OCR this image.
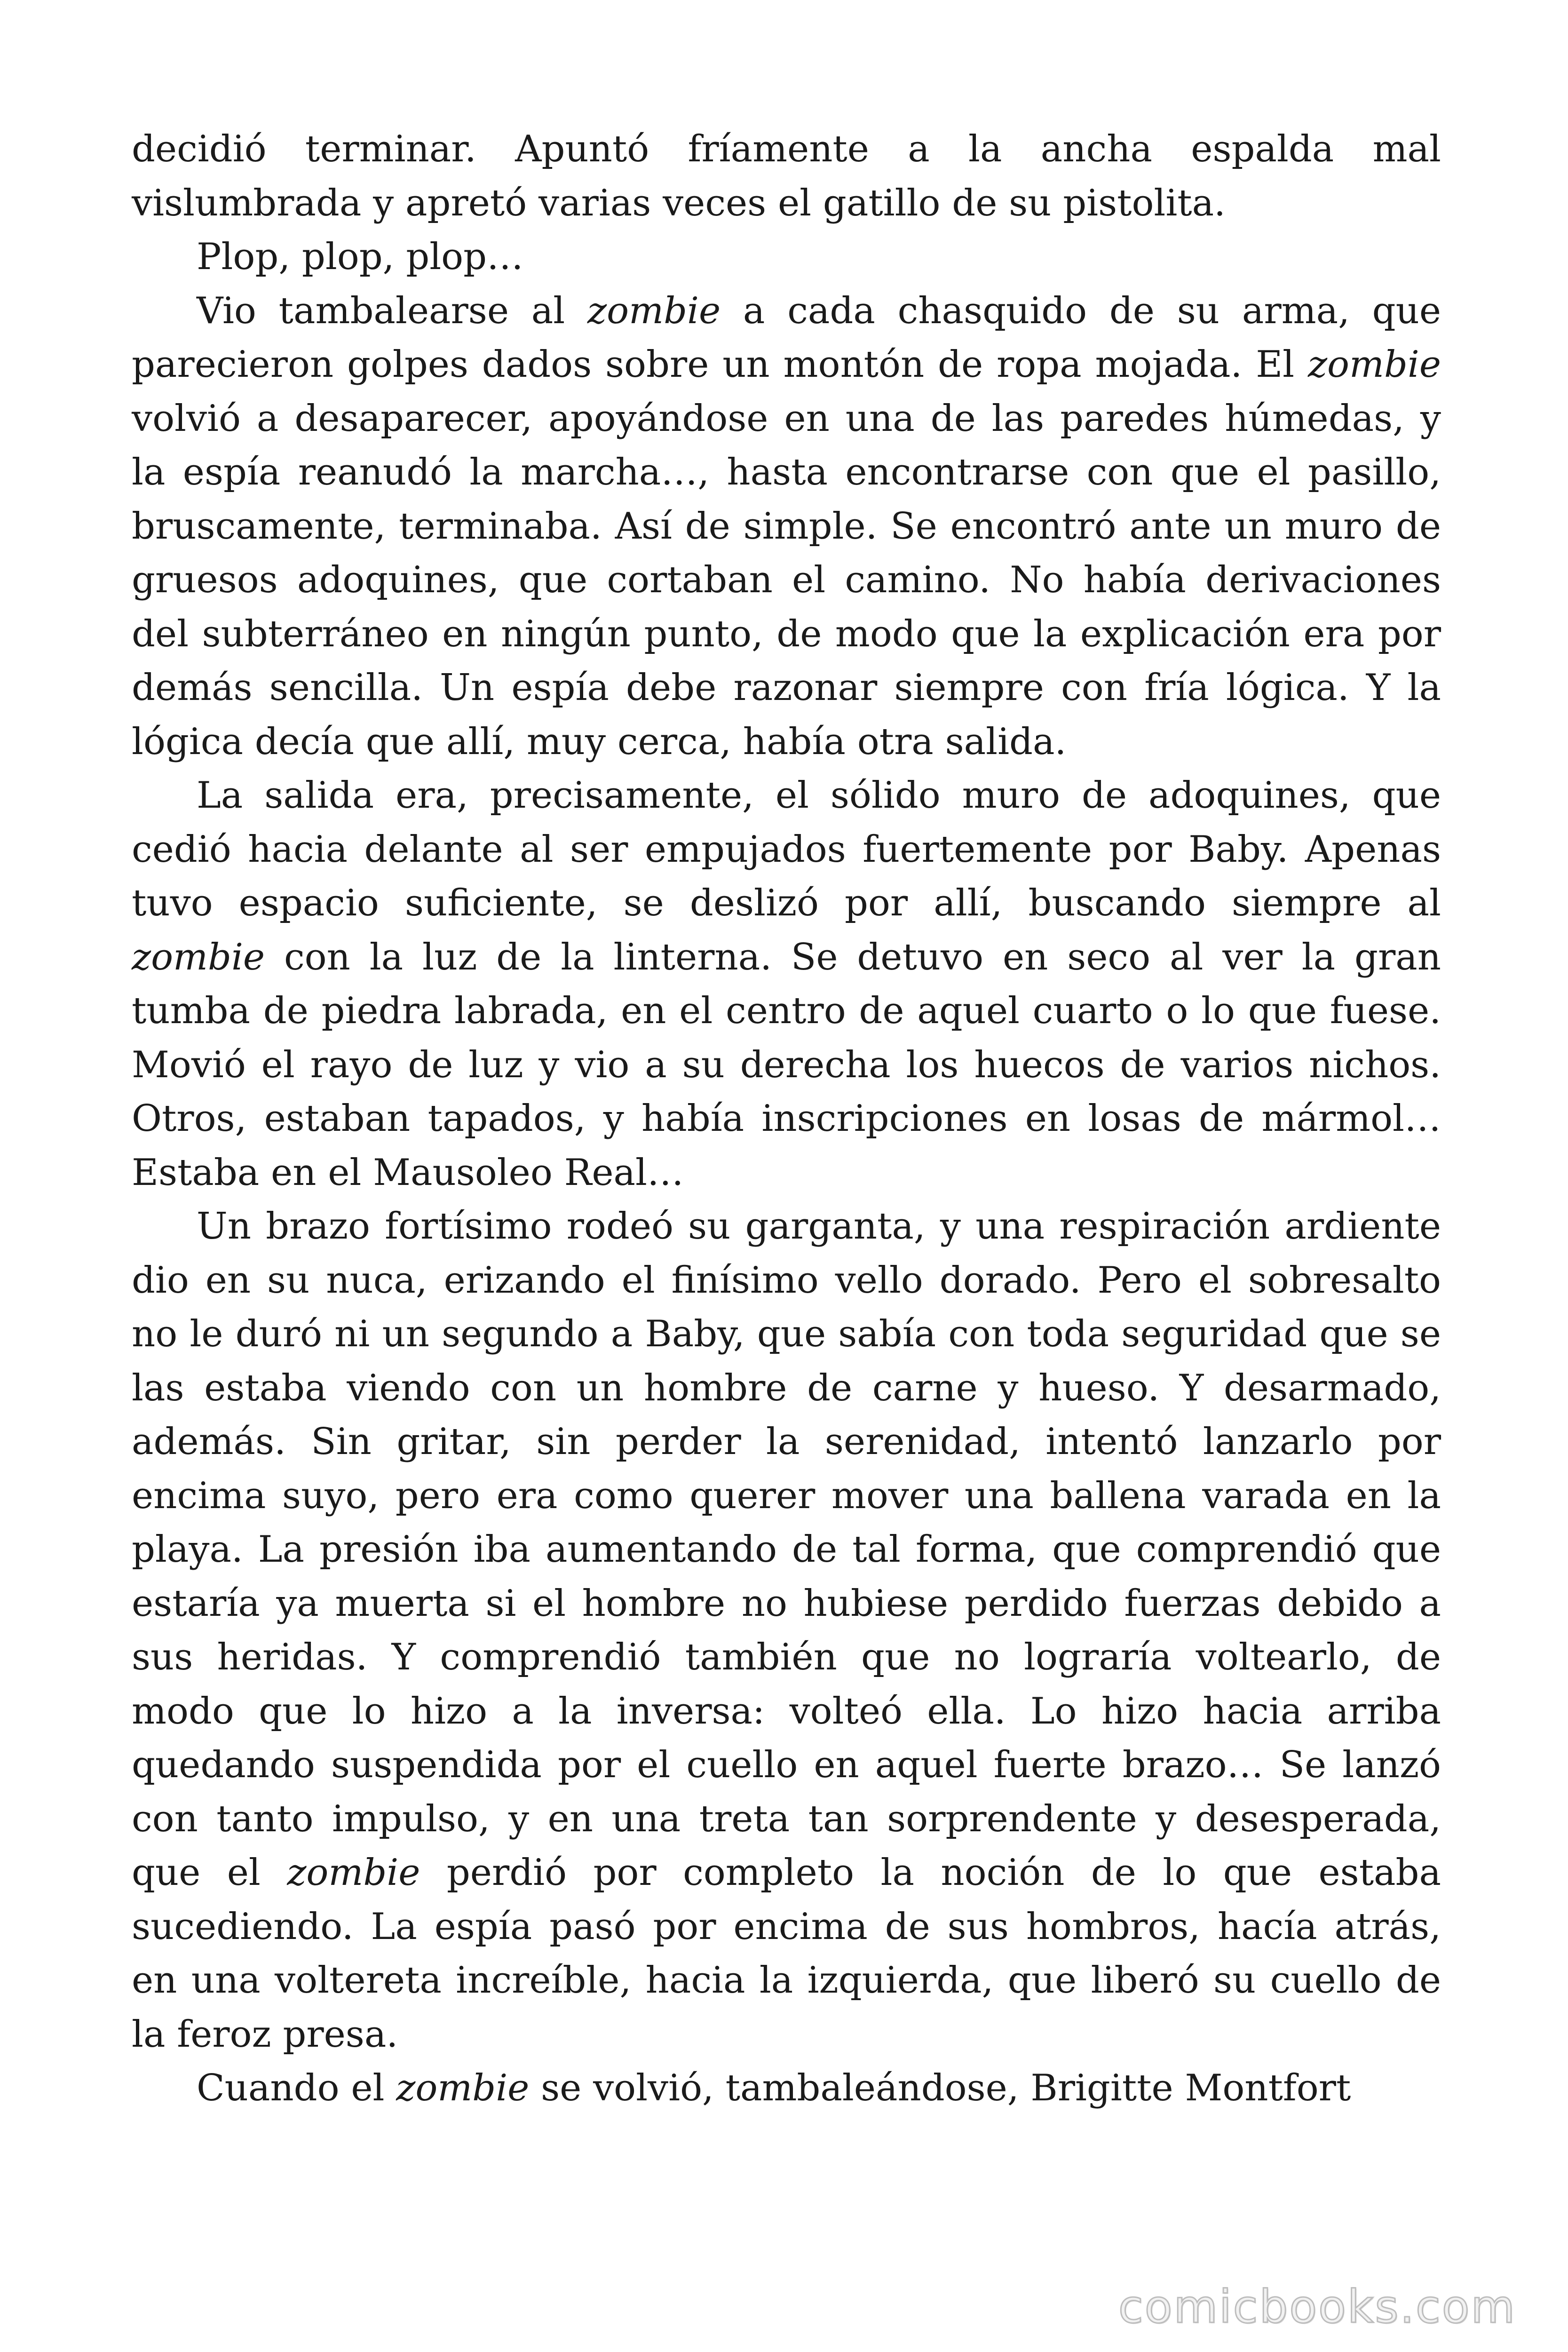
decidió terminar. Apuntó fríamente a la ancha espalda mal vislumbrada y apretó varias veces el gatillo de su pistolita.

Plop, plop, plop…

Vio tambalearse al zombie a cada chasquido de su arma, que parecieron golpes dados sobre un montón de ropa mojada. El zombie volvió a desaparecer, apoyándose en una de las paredes húmedas, y la espía reanudó la marcha…, hasta encontrarse con que el pasillo, bruscamente, terminaba. Así de simple. Se encontró ante un muro de gruesos adoquines, que cortaban el camino. No había derivaciones del subterráneo en ningún punto, de modo que la explicación era por demás sencilla. Un espía debe razonar siempre con fría lógica. Y la lógica decía que allí, muy cerca, había otra salida.

La salida era, precisamente, el sólido muro de adoquines, que cedió hacia delante al ser empujados fuertemente por Baby. Apenas tuvo espacio suficiente, se deslizó por allí, buscando siempre al zombie con la luz de la linterna. Se detuvo en seco al ver la gran tumba de piedra labrada, en el centro de aquel cuarto o lo que fuese. Movió el rayo de luz y vio a su derecha los huecos de varios nichos. Otros, estaban tapados, y había inscripciones en losas de mármol… Estaba en el Mausoleo Real…

Un brazo fortísimo rodeó su garganta, y una respiración ardiente dio en su nuca, erizando el finísimo vello dorado. Pero el sobresalto no le duró ni un segundo a Baby, que sabía con toda seguridad que se las estaba viendo con un hombre de carne y hueso. Y desarmado, además. Sin gritar, sin perder la serenidad, intentó lanzarlo por encima suyo, pero era como querer mover una ballena varada en la playa. La presión iba aumentando de tal forma, que comprendió que estaría ya muerta si el hombre no hubiese perdido fuerzas debido a sus heridas. Y comprendió también que no lograría voltearlo, de modo que lo hizo a la inversa: volteó ella. Lo hizo hacia arriba quedando suspendida por el cuello en aquel fuerte brazo… Se lanzó con tanto impulso, y en una treta tan sorprendente y desesperada, que el zombie perdió por completo la noción de lo que estaba sucediendo. La espía pasó por encima de sus hombros, hacía atrás, en una voltereta increíble, hacia la izquierda, que liberó su cuello de la feroz presa.

Cuando el zombie se volvió, tambaleándose, Brigitte Montfort

comicbooks.com
